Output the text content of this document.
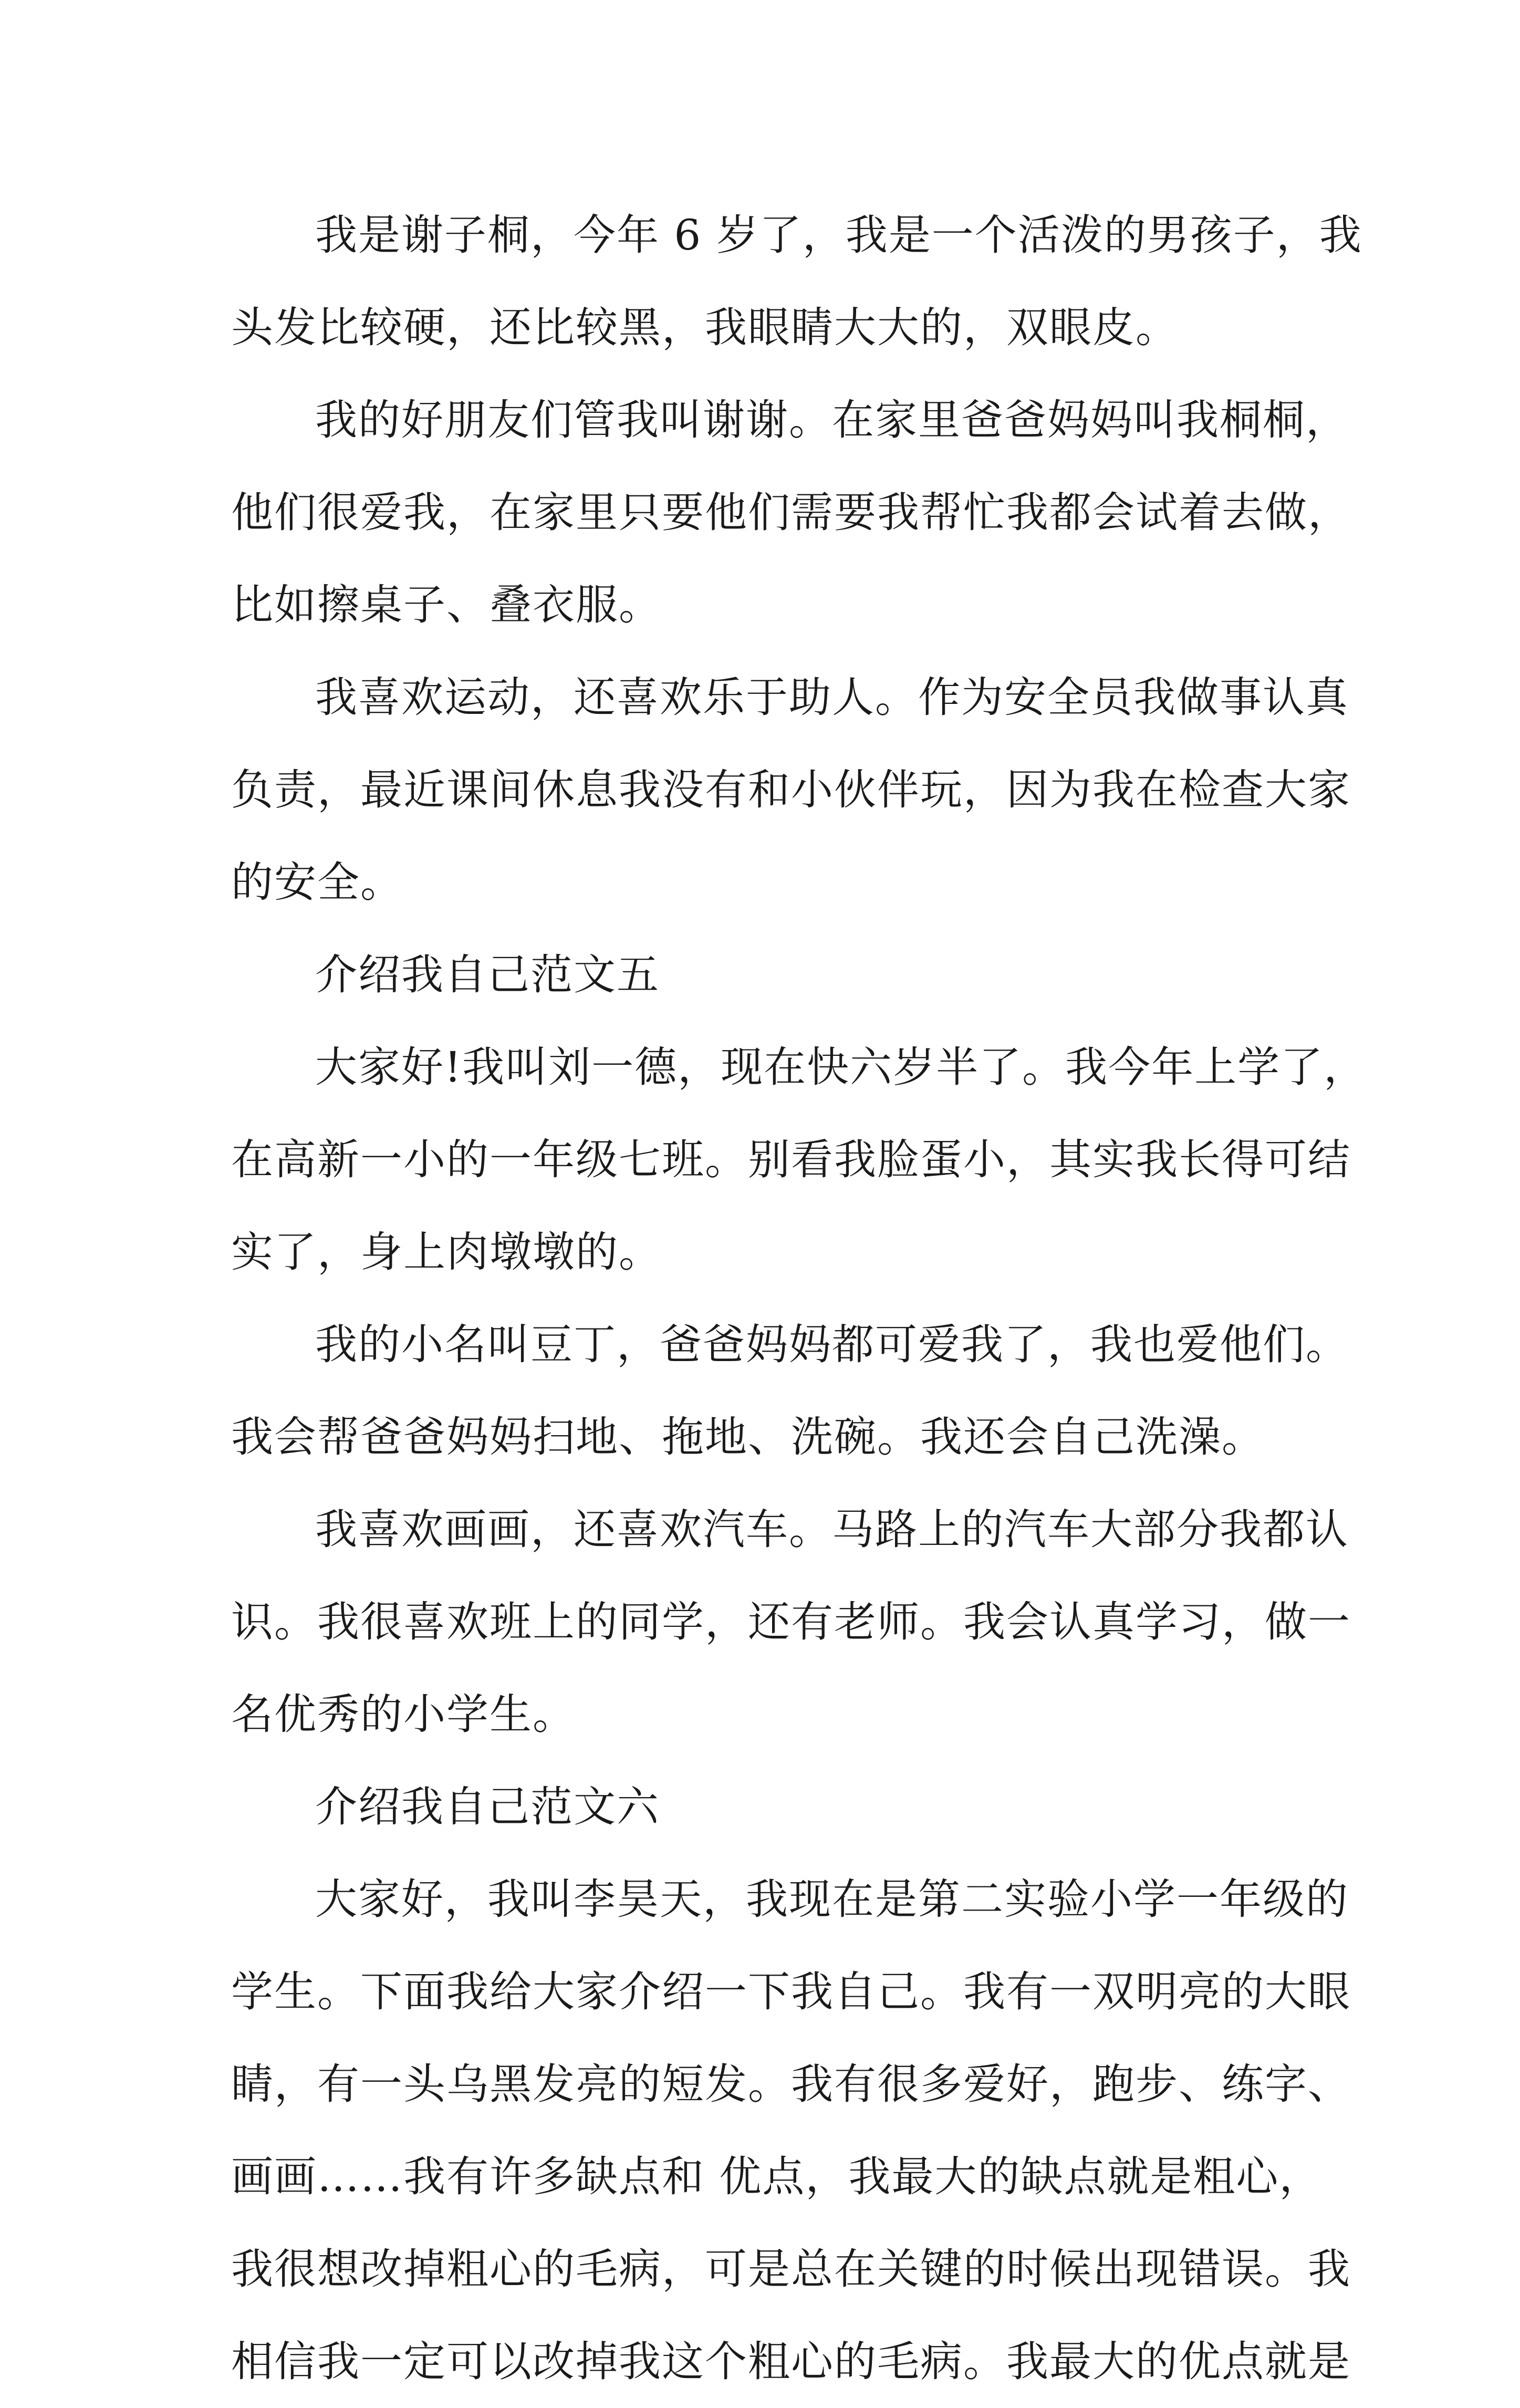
我是谢子桐，今年 6 岁了，我是一个活泼的男孩子，我
头发比较硬，还比较黑，我眼睛大大的，双眼皮。
我的好朋友们管我叫谢谢。在家里爸爸妈妈叫我桐桐，
他们很爱我，在家里只要他们需要我帮忙我都会试着去做，
比如擦桌子、叠衣服。
我喜欢运动，还喜欢乐于助人。作为安全员我做事认真
负责，最近课间休息我没有和小伙伴玩，因为我在检查大家
的安全。
介绍我自己范文五
大家好!我叫刘一德，现在快六岁半了。我今年上学了，
在高新一小的一年级七班。别看我脸蛋小，其实我长得可结
实了，身上肉墩墩的。
我的小名叫豆丁，爸爸妈妈都可爱我了，我也爱他们。
我会帮爸爸妈妈扫地、拖地、洗碗。我还会自己洗澡。
我喜欢画画，还喜欢汽车。马路上的汽车大部分我都认
识。我很喜欢班上的同学，还有老师。我会认真学习，做一
名优秀的小学生。
介绍我自己范文六
大家好，我叫李昊天，我现在是第二实验小学一年级的
学生。下面我给大家介绍一下我自己。我有一双明亮的大眼
睛，有一头乌黑发亮的短发。我有很多爱好，跑步、练字、
画画……我有许多缺点和 优点，我最大的缺点就是粗心，
我很想改掉粗心的毛病，可是总在关键的时候出现错误。我
相信我一定可以改掉我这个粗心的毛病。我最大的优点就是
